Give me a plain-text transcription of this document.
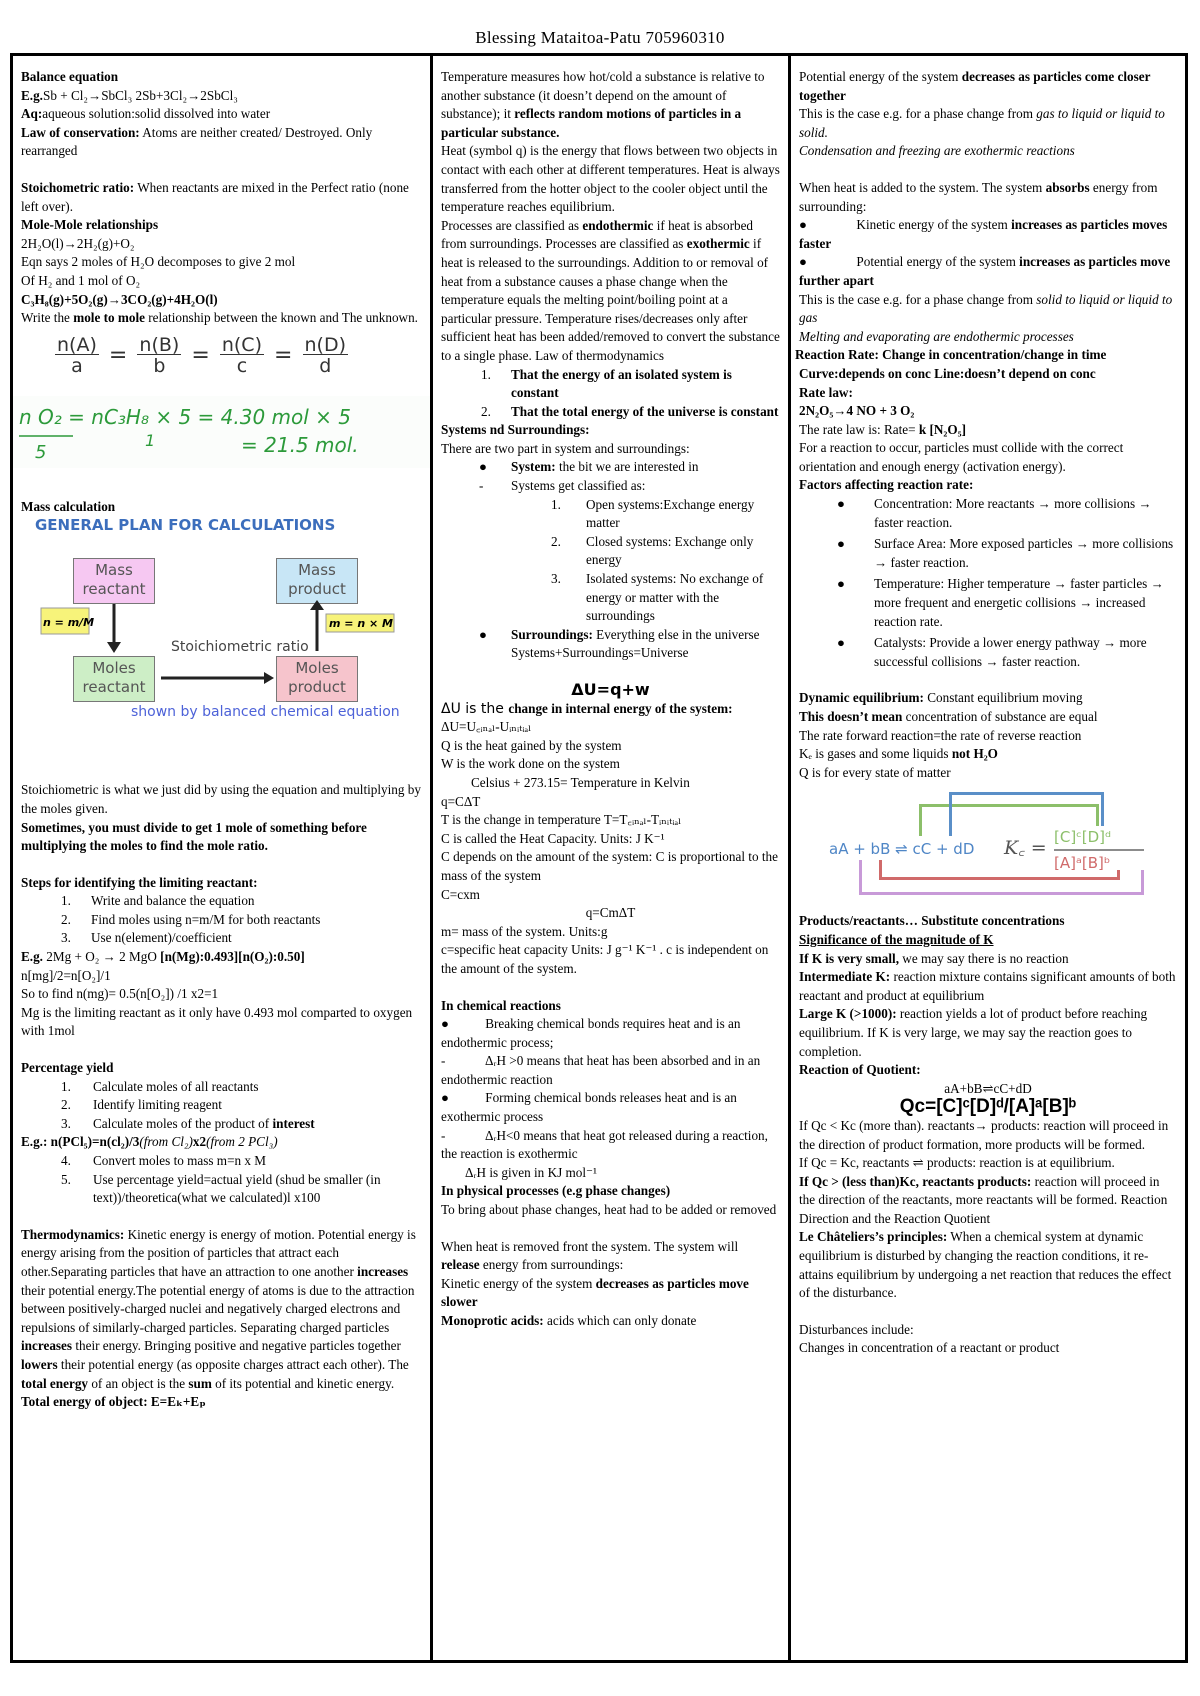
Blessing Mataitoa-Patu 705960310

Balance equation

E.g.Sb + Cl₂→SbCl₃ 2Sb+3Cl₂→2SbCl₃

Aq:aqueous solution:solid dissolved into water

Law of conservation: Atoms are neither created/ Destroyed. Only rearranged

Stoichometric ratio: When reactants are mixed in the Perfect ratio (none left over).

Mole-Mole relationships

2H₂O(l)→2H₂(g)+O₂

Eqn says 2 moles of H₂O decomposes to give 2 mol

Of H₂ and 1 mol of O₂

C₃H₈(g)+5O₂(g)→3CO₂(g)+4H₂O(l)

Write the mole to mole relationship between the known and The unknown.

$\frac{n(A)}{a} = \frac{n(B)}{b} = \frac{n(C)}{c} = \frac{n(D)}{d}$
n O₂ = nC₃H₈ × 5 = 4.30 mol × 5
5
1	= 21.5 mol.

Mass calculation

GENERAL PLAN FOR CALCULATIONS
Mass reactant
Mass product
Moles reactant
Moles product
n = m/M	m = n × M
Stoichiometric ratio
shown by balanced chemical equation

Stoichiometric is what we just did by using the equation and multiplying by the moles given.

Sometimes, you must divide to get 1 mole of something before multiplying the moles to find the mole ratio.

Steps for identifying the limiting reactant:

1. Write and balance the equation
2. Find moles using n=m/M for both reactants
3. Use n(element)/coefficient

E.g. 2Mg + O₂ → 2 MgO [n(Mg):0.493][n(O₂):0.50]

n[mg]/2=n[O₂]/1

So to find n(mg)= 0.5(n[O₂]) /1 x2=1

Mg is the limiting reactant as it only have 0.493 mol comparted to oxygen with 1mol

Percentage yield

1. Calculate moles of all reactants
2. Identify limiting reagent
3. Calculate moles of the product of interest

E.g.: n(PCl₅)=n(cl₂)/3(from Cl₂)x2(from 2 PCl₃)

4. Convert moles to mass m=n x M
5. Use percentage yield=actual yield (shud be smaller (in text))/theoretica(what we calculated)l x100

Thermodynamics: Kinetic energy is energy of motion. Potential energy is energy arising from the position of particles that attract each other.Separating particles that have an attraction to one another increases their potential energy.The potential energy of atoms is due to the attraction between positively-charged nuclei and negatively charged electrons and repulsions of similarly-charged particles. Separating charged particles increases their energy. Bringing positive and negative particles together lowers their potential energy (as opposite charges attract each other). The total energy of an object is the sum of its potential and kinetic energy. Total energy of object: E=Eₖ+Eₚ

Temperature measures how hot/cold a substance is relative to another substance (it doesn’t depend on the amount of substance); it reflects random motions of particles in a particular substance.

Heat (symbol q) is the energy that flows between two objects in contact with each other at different temperatures. Heat is always transferred from the hotter object to the cooler object until the temperature reaches equilibrium.

Processes are classified as endothermic if heat is absorbed from surroundings. Processes are classified as exothermic if heat is released to the surroundings. Addition to or removal of heat from a substance causes a phase change when the temperature equals the melting point/boiling point at a particular pressure. Temperature rises/decreases only after sufficient heat has been added/removed to convert the substance to a single phase. Law of thermodynamics

1. That the energy of an isolated system is constant
2. That the total energy of the universe is constant

Systems nd Surroundings:

There are two part in system and surroundings:

● System: the bit we are interested in
- Systems get classified as:
1. Open systems:Exchange energy matter
2. Closed systems: Exchange only energy
3. Isolated systems: No exchange of energy or matter with the surroundings
● Surroundings: Everything else in the universe

Systems+Surroundings=Universe

ΔU=q+w

ΔU is the change in internal energy of the system: ΔU=U꜀ᵢₙₐₗ-Uᵢₙᵢₜᵢₐₗ

Q is the heat gained by the system

W is the work done on the system

Celsius + 273.15= Temperature in Kelvin

q=CΔT

T is the change in temperature T=T꜀ᵢₙₐₗ-Tᵢₙᵢₜᵢₐₗ

C is called the Heat Capacity. Units: J K⁻¹

C depends on the amount of the system: C is proportional to the mass of the system

C=cxm

q=CmΔT

m= mass of the system. Units:g

c=specific heat capacity Units: J g⁻¹ K⁻¹ . c is independent on the amount of the system.

In chemical reactions

●	Breaking chemical bonds requires heat and is an endothermic process;
-	ΔᵣH >0 means that heat has been absorbed and in an endothermic reaction
●	Forming chemical bonds releases heat and is an exothermic process
-	ΔᵣH<0 means that heat got released during a reaction, the reaction is exothermic

ΔᵣH is given in KJ mol⁻¹

In physical processes (e.g phase changes)

To bring about phase changes, heat had to be added or removed

When heat is removed front the system. The system will release energy from surroundings:

Kinetic energy of the system decreases as particles move slower

Monoprotic acids: acids which can only donate

Potential energy of the system decreases as particles come closer together

This is the case e.g. for a phase change from gas to liquid or liquid to solid.

Condensation and freezing are exothermic reactions

When heat is added to the system. The system absorbs energy from surrounding:

●               Kinetic energy of the system increases as particles moves faster
●               Potential energy of the system increases as particles move further apart

This is the case e.g. for a phase change from solid to liquid or liquid to gas

Melting and evaporating are endothermic processes

Reaction Rate: Change in concentration/change in time

Curve:depends on conc Line:doesn’t depend on conc

Rate law:

2N₂O₅→4 NO + 3 O₂

The rate law is: Rate= k [N₂O₅]

For a reaction to occur, particles must collide with the correct orientation and enough energy (activation energy).

Factors affecting reaction rate:

● Concentration: More reactants → more collisions → faster reaction.
● Surface Area: More exposed particles → more collisions → faster reaction.
● Temperature: Higher temperature → faster particles → more frequent and energetic collisions → increased reaction rate.
● Catalysts: Provide a lower energy pathway → more successful collisions → faster reaction.

Dynamic equilibrium: Constant equilibrium moving

This doesn’t mean concentration of substance are equal

The rate forward reaction=the rate of reverse reaction

Kₑ is gases and some liquids not H₂O

Q is for every state of matter

aA + bB ⇌ cC + dD K꜀ = [C]ᶜ[D]ᵈ
[A]ᵃ[B]ᵇ

Products/reactants… Substitute concentrations

Significance of the magnitude of K

If K is very small, we may say there is no reaction

Intermediate K: reaction mixture contains significant amounts of both reactant and product at equilibrium

Large K (>1000): reaction yields a lot of product before reaching equilibrium. If K is very large, we may say the reaction goes to completion.

Reaction of Quotient:

aA+bB⇌cC+dD

Qc=[C]ᶜ[D]ᵈ/[A]ᵃ[B]ᵇ

If Qc < Kc (more than). reactants→ products: reaction will proceed in the direction of product formation, more products will be formed.

If Qc = Kc, reactants ⇌ products: reaction is at equilibrium.

If Qc > (less than)Kc, reactants products: reaction will proceed in the direction of the reactants, more reactants will be formed. Reaction Direction and the Reaction Quotient

Le Châteliers’s principles: When a chemical system at dynamic equilibrium is disturbed by changing the reaction conditions, it re-attains equilibrium by undergoing a net reaction that reduces the effect of the disturbance.

Disturbances include:

Changes in concentration of a reactant or product
